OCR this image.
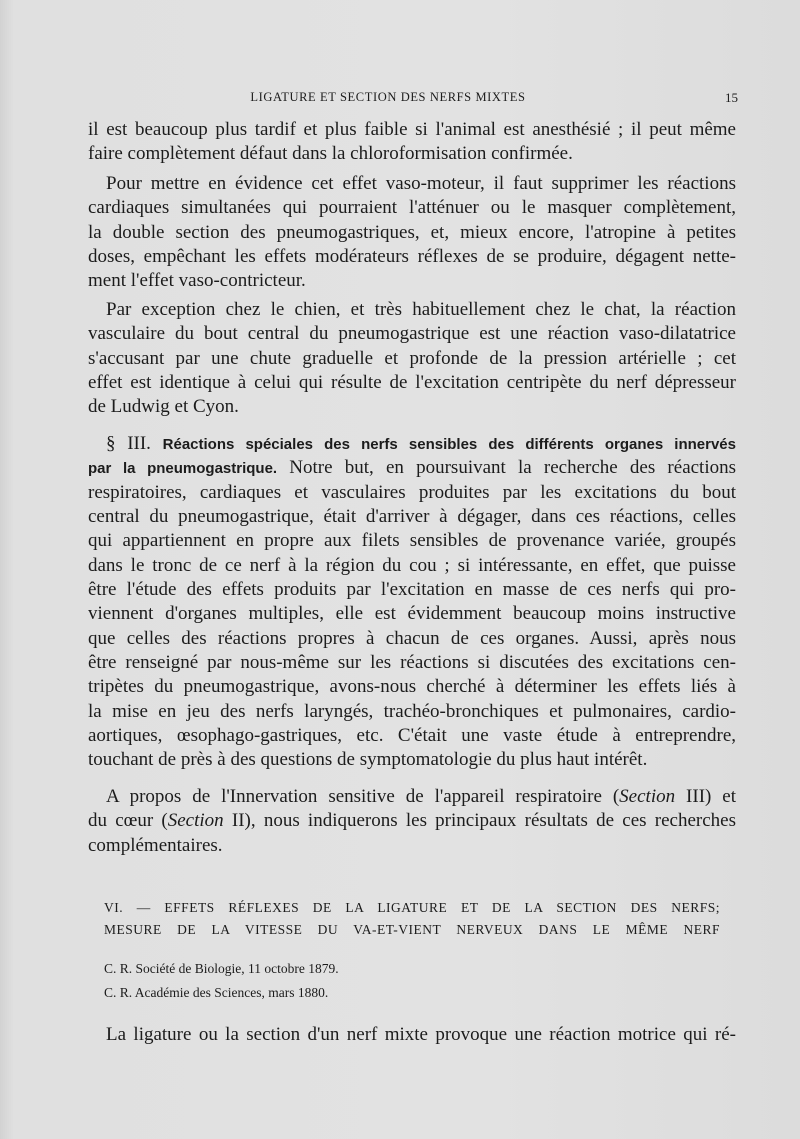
LIGATURE ET SECTION DES NERFS MIXTES	15
il est beaucoup plus tardif et plus faible si l'animal est anesthésié ; il peut même
faire complètement défaut dans la chloroformisation confirmée.
Pour mettre en évidence cet effet vaso-moteur, il faut supprimer les réactions
cardiaques simultanées qui pourraient l'atténuer ou le masquer complètement,
la double section des pneumogastriques, et, mieux encore, l'atropine à petites
doses, empêchant les effets modérateurs réflexes de se produire, dégagent nette-
ment l'effet vaso-contricteur.
Par exception chez le chien, et très habituellement chez le chat, la réaction
vasculaire du bout central du pneumogastrique est une réaction vaso-dilatatrice
s'accusant par une chute graduelle et profonde de la pression artérielle ; cet
effet est identique à celui qui résulte de l'excitation centripète du nerf dépresseur
de Ludwig et Cyon.
§ III. Réactions spéciales des nerfs sensibles des différents organes innervés
par la pneumogastrique. Notre but, en poursuivant la recherche des réactions
respiratoires, cardiaques et vasculaires produites par les excitations du bout
central du pneumogastrique, était d'arriver à dégager, dans ces réactions, celles
qui appartiennent en propre aux filets sensibles de provenance variée, groupés
dans le tronc de ce nerf à la région du cou ; si intéressante, en effet, que puisse
être l'étude des effets produits par l'excitation en masse de ces nerfs qui pro-
viennent d'organes multiples, elle est évidemment beaucoup moins instructive
que celles des réactions propres à chacun de ces organes. Aussi, après nous
être renseigné par nous-même sur les réactions si discutées des excitations cen-
tripètes du pneumogastrique, avons-nous cherché à déterminer les effets liés à
la mise en jeu des nerfs laryngés, trachéo-bronchiques et pulmonaires, cardio-
aortiques, œsophago-gastriques, etc. C'était une vaste étude à entreprendre,
touchant de près à des questions de symptomatologie du plus haut intérêt.
A propos de l'Innervation sensitive de l'appareil respiratoire (Section III) et
du cœur (Section II), nous indiquerons les principaux résultats de ces recherches
complémentaires.
VI. — EFFETS RÉFLEXES DE LA LIGATURE ET DE LA SECTION DES NERFS;
MESURE DE LA VITESSE DU VA-ET-VIENT NERVEUX DANS LE MÊME NERF
C. R. Société de Biologie, 11 octobre 1879.
C. R. Académie des Sciences, mars 1880.
La ligature ou la section d'un nerf mixte provoque une réaction motrice qui ré-
